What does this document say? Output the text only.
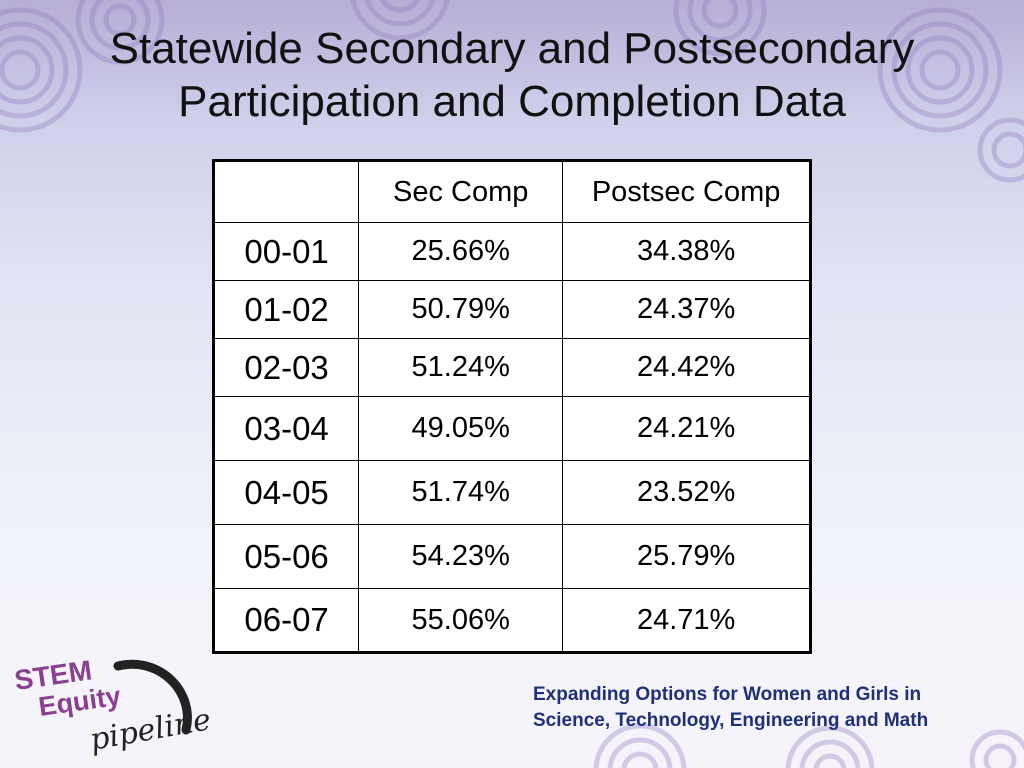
Statewide Secondary and Postsecondary
Participation and Completion Data
	Sec Comp	Postsec Comp
00-01	25.66%	34.38%
01-02	50.79%	24.37%
02-03	51.24%	24.42%
03-04	49.05%	24.21%
04-05	51.74%	23.52%
05-06	54.23%	25.79%
06-07	55.06%	24.71%
STEM
Equity
pipeline
Expanding Options for Women and Girls in
Science, Technology, Engineering and Math
